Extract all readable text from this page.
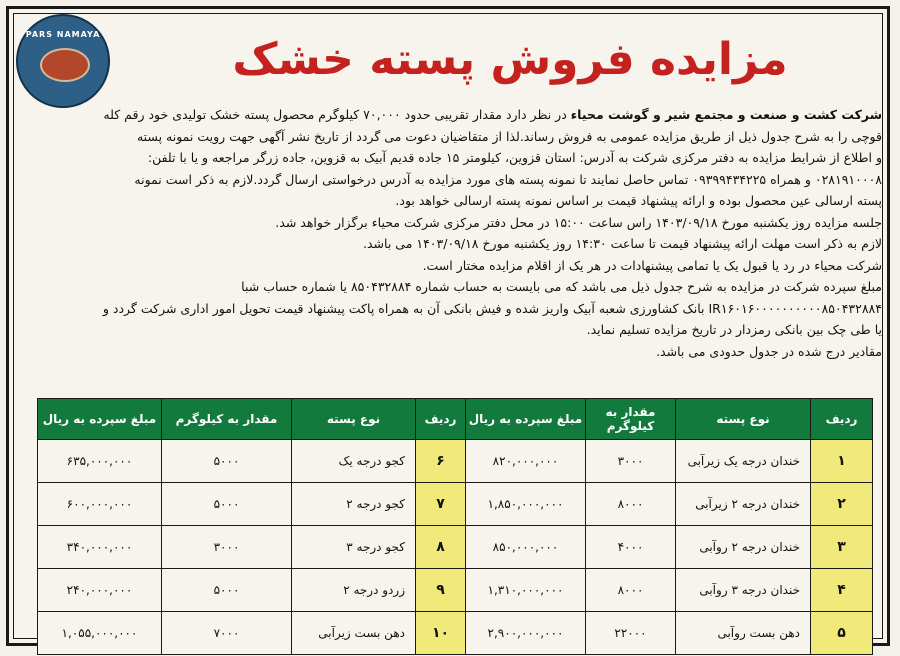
PARS NAMAYA	مزایده فروش پسته خشک

شرکت کشت و صنعت و مجتمع شیر و گوشت محیاء در نظر دارد مقدار تقریبی حدود ۷۰,۰۰۰ کیلوگرم محصول پسته خشک تولیدی خود رقم کله

قوچی را به شرح جدول ذیل از طریق مزایده عمومی به فروش رساند.لذا از متقاضیان دعوت می گردد از تاریخ نشر آگهی جهت رویت نمونه پسته

و اطلاع از شرایط مزایده به دفتر مرکزی شرکت به آدرس: استان قزوین، کیلومتر ۱۵ جاده قدیم آبیک به قزوین، جاده زرگر مراجعه و یا با تلفن:

۰۲۸۱۹۱۰۰۰۸ و همراه ۰۹۳۹۹۴۳۴۲۲۵ تماس حاصل نمایند تا نمونه پسته های مورد مزایده به آدرس درخواستی ارسال گردد.لازم به ذکر است نمونه

پسته ارسالی عین محصول بوده و ارائه پیشنهاد قیمت بر اساس نمونه پسته ارسالی خواهد بود.

جلسه مزایده روز یکشنبه مورخ ۱۴۰۳/۰۹/۱۸ راس ساعت ۱۵:۰۰ در محل دفتر مرکزی شرکت محیاء برگزار خواهد شد.

لازم به ذکر است مهلت ارائه پیشنهاد قیمت تا ساعت ۱۴:۳۰ روز یکشنبه مورخ ۱۴۰۳/۰۹/۱۸ می باشد.

شرکت محیاء در رد یا قبول یک یا تمامی پیشنهادات در هر یک از اقلام مزایده مختار است.

مبلغ سپرده شرکت در مزایده به شرح جدول ذیل می باشد که می بایست به حساب شماره ۸۵۰۴۳۲۸۸۴ یا شماره حساب شبا

IR۱۶۰۱۶۰۰۰۰۰۰۰۰۰۰۸۵۰۴۳۲۸۸۴ بانک کشاورزی شعبه آبیک واریز شده و فیش بانکی آن به همراه پاکت پیشنهاد قیمت تحویل امور اداری شرکت گردد و

یا طی چک بین بانکی رمزدار در تاریخ مزایده تسلیم نماید.

مقادیر درج شده در جدول حدودی می باشد.

ردیف	نوع پسته	مقدار به کیلوگرم	مبلغ سپرده به ریال	ردیف	نوع پسته	مقدار به کیلوگرم	مبلغ سپرده به ریال
۱	خندان درجه یک زیرآبی	۳۰۰۰	۸۲۰,۰۰۰,۰۰۰	۶	کجو درجه یک	۵۰۰۰	۶۳۵,۰۰۰,۰۰۰
۲	خندان درجه ۲ زیرآبی	۸۰۰۰	۱,۸۵۰,۰۰۰,۰۰۰	۷	کجو درجه ۲	۵۰۰۰	۶۰۰,۰۰۰,۰۰۰
۳	خندان درجه ۲ روآبی	۴۰۰۰	۸۵۰,۰۰۰,۰۰۰	۸	کجو درجه ۳	۳۰۰۰	۳۴۰,۰۰۰,۰۰۰
۴	خندان درجه ۳ روآبی	۸۰۰۰	۱,۳۱۰,۰۰۰,۰۰۰	۹	زردو درجه ۲	۵۰۰۰	۲۴۰,۰۰۰,۰۰۰
۵	دهن بست روآبی	۲۲۰۰۰	۲,۹۰۰,۰۰۰,۰۰۰	۱۰	دهن بست زیرآبی	۷۰۰۰	۱,۰۵۵,۰۰۰,۰۰۰
